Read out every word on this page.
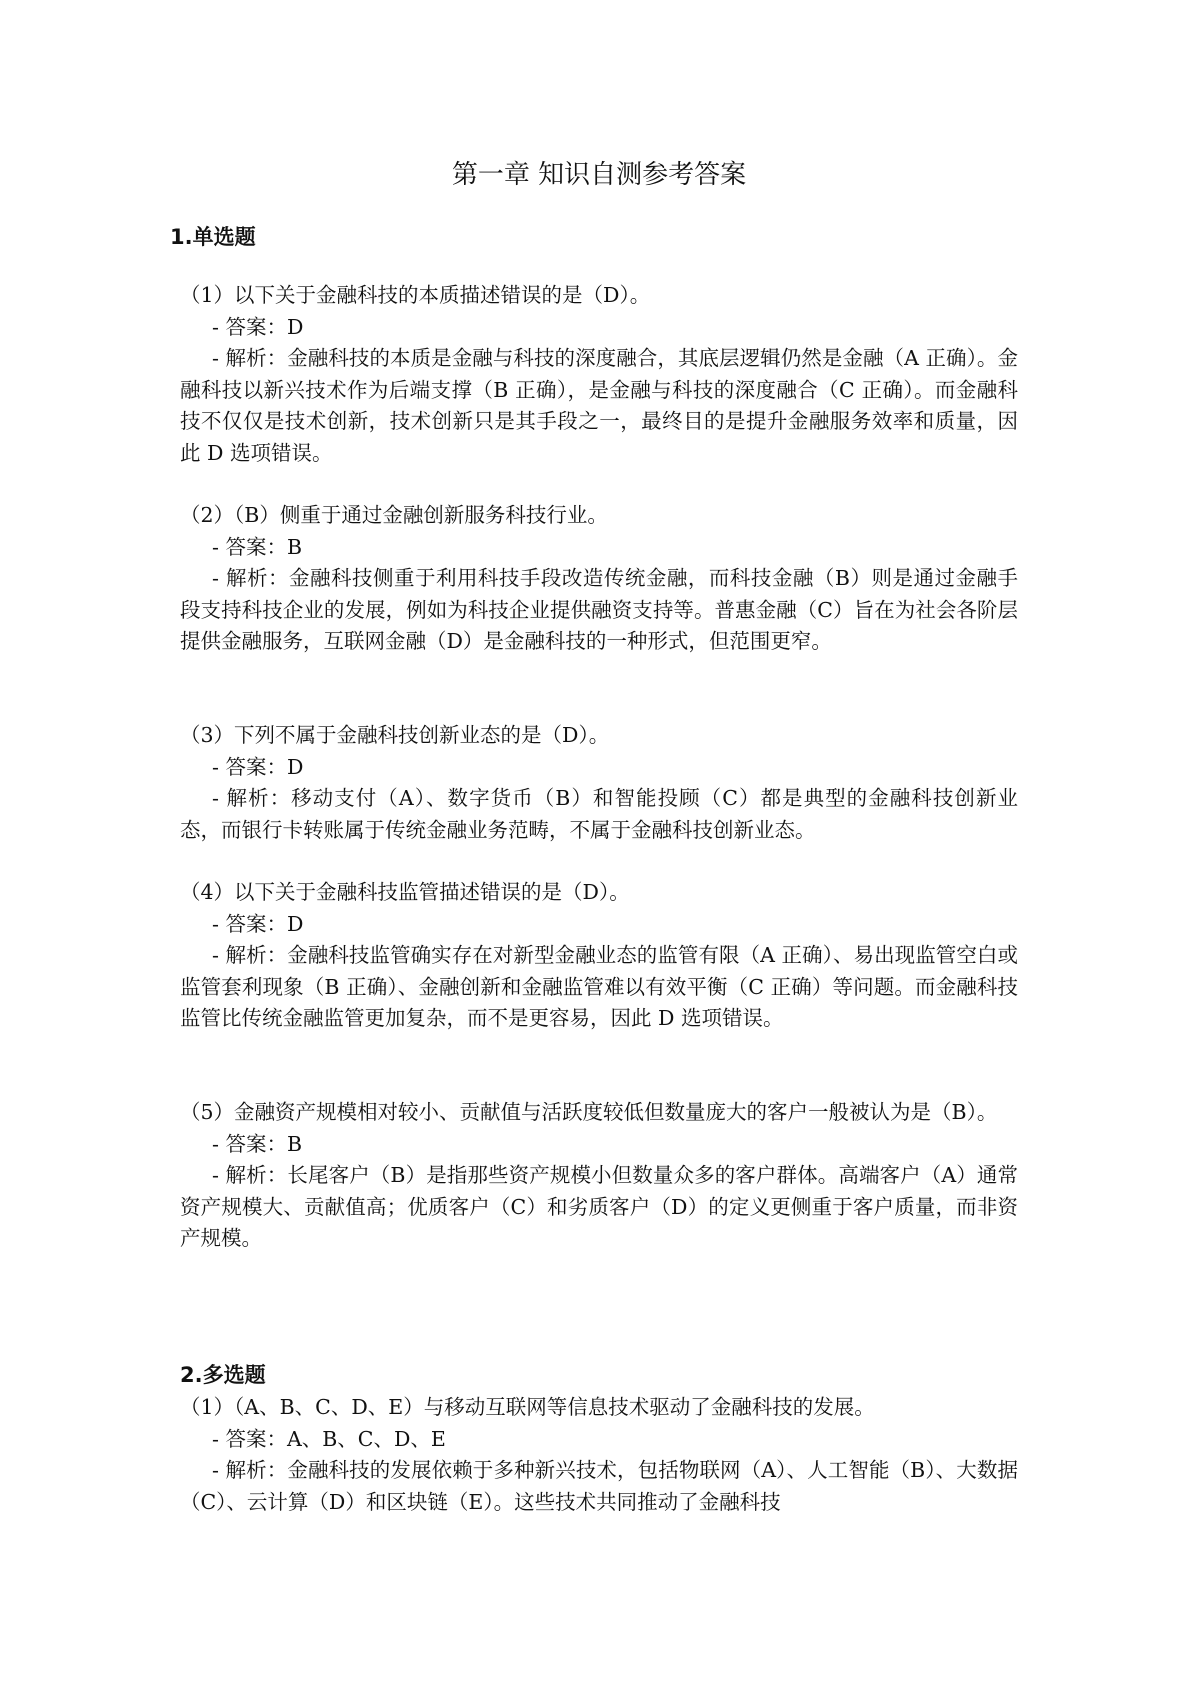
第一章 知识自测参考答案
1.单选题

（1）以下关于金融科技的本质描述错误的是（D）。

- 答案：D

- 解析：金融科技的本质是金融与科技的深度融合，其底层逻辑仍然是金融（A 正确）。金融科技以新兴技术作为后端支撑（B 正确），是金融与科技的深度融合（C 正确）。而金融科技不仅仅是技术创新，技术创新只是其手段之一，最终目的是提升金融服务效率和质量，因此 D 选项错误。

（2）（B）侧重于通过金融创新服务科技行业。

- 答案：B

- 解析：金融科技侧重于利用科技手段改造传统金融，而科技金融（B）则是通过金融手段支持科技企业的发展，例如为科技企业提供融资支持等。普惠金融（C）旨在为社会各阶层提供金融服务，互联网金融（D）是金融科技的一种形式，但范围更窄。

（3）下列不属于金融科技创新业态的是（D）。

- 答案：D

- 解析：移动支付（A）、数字货币（B）和智能投顾（C）都是典型的金融科技创新业态，而银行卡转账属于传统金融业务范畴，不属于金融科技创新业态。

（4）以下关于金融科技监管描述错误的是（D）。

- 答案：D

- 解析：金融科技监管确实存在对新型金融业态的监管有限（A 正确）、易出现监管空白或监管套利现象（B 正确）、金融创新和金融监管难以有效平衡（C 正确）等问题。而金融科技监管比传统金融监管更加复杂，而不是更容易，因此 D 选项错误。

（5）金融资产规模相对较小、贡献值与活跃度较低但数量庞大的客户一般被认为是（B）。

- 答案：B

- 解析：长尾客户（B）是指那些资产规模小但数量众多的客户群体。高端客户（A）通常资产规模大、贡献值高；优质客户（C）和劣质客户（D）的定义更侧重于客户质量，而非资产规模。

2.多选题

（1）（A、B、C、D、E）与移动互联网等信息技术驱动了金融科技的发展。

- 答案：A、B、C、D、E

- 解析：金融科技的发展依赖于多种新兴技术，包括物联网（A）、人工智能（B）、大数据（C）、云计算（D）和区块链（E）。这些技术共同推动了金融科技
